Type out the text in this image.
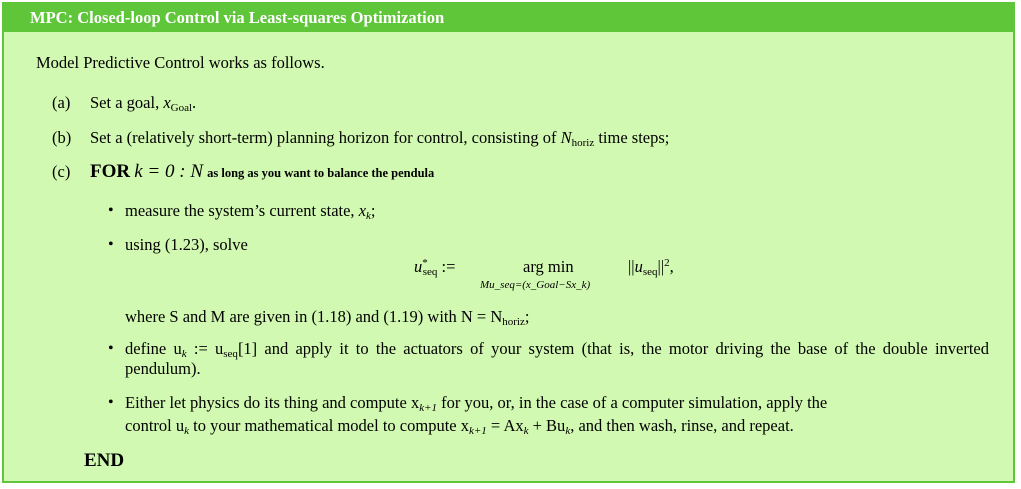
MPC: Closed-loop Control via Least-squares Optimization
Model Predictive Control works as follows.
(a) Set a goal, $x_{Goal}$.
(b) Set a (relatively short-term) planning horizon for control, consisting of $N_{horiz}$ time steps;
(c) FOR k = 0 : N as long as you want to balance the pendula
• measure the system’s current state, $x_k$;
• using (1.23), solve
$u^*_{seq}$ :=	arg min
Mu_seq=(x_Goal−Sx_k)
$||u_{seq}||^2$,
where S and M are given in (1.18) and (1.19) with $N = N_{horiz}$;
• define $u_k$ := $u_{seq}[1]$ and apply it to the actuators of your system (that is, the motor driving the base of the double inverted pendulum).
• Either let physics do its thing and compute $x_{k+1}$ for you, or, in the case of a computer simulation, apply the
control $u_k$ to your mathematical model to compute $x_{k+1} = Ax_k + Bu_k$, and then wash, rinse, and repeat.
END
